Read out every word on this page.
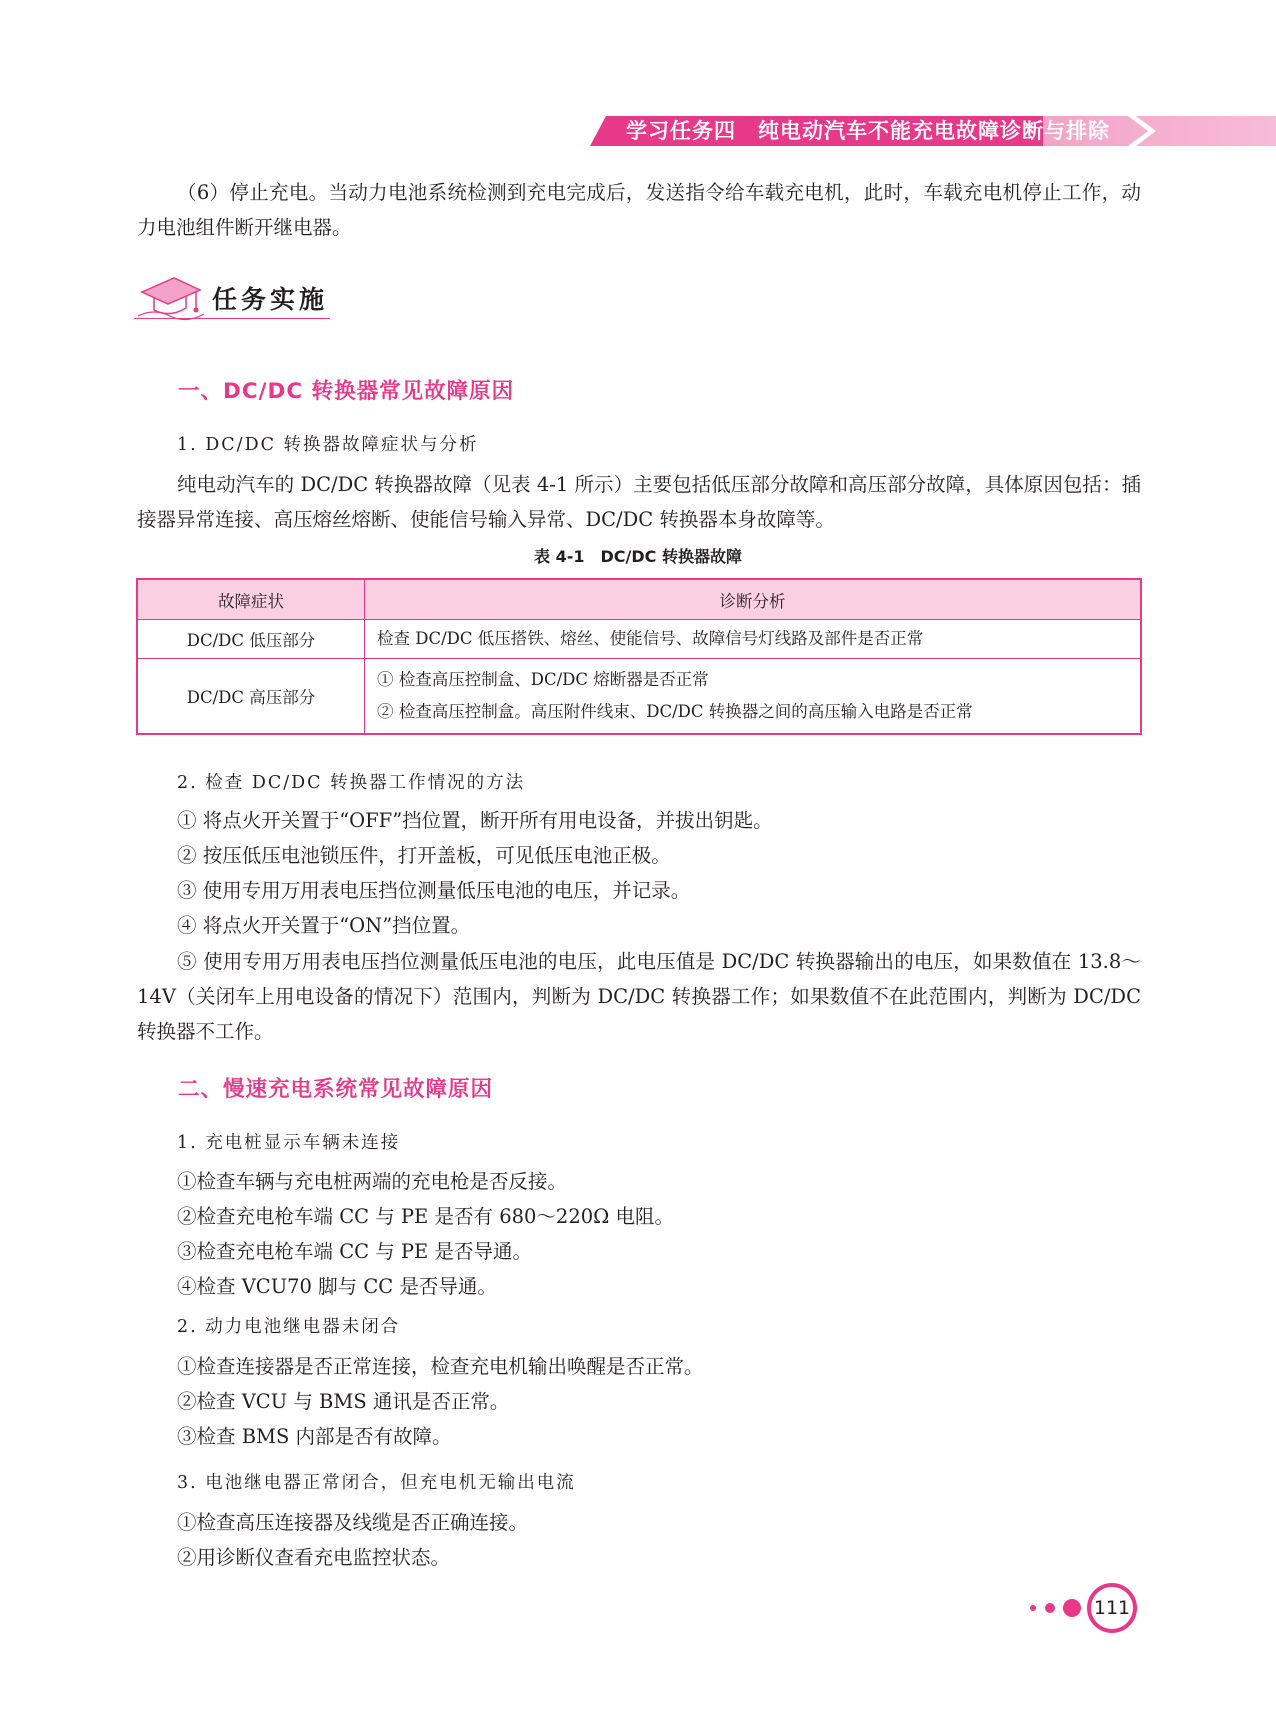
学习任务四　纯电动汽车不能充电故障诊断与排除

（6）停止充电。当动力电池系统检测到充电完成后，发送指令给车载充电机，此时，车载充电机停止工作，动力电池组件断开继电器。

任务实施
一、DC/DC 转换器常见故障原因
1. DC/DC 转换器故障症状与分析

纯电动汽车的 DC/DC 转换器故障（见表 4-1 所示）主要包括低压部分故障和高压部分故障，具体原因包括：插接器异常连接、高压熔丝熔断、使能信号输入异常、DC/DC 转换器本身故障等。

表 4-1　DC/DC 转换器故障
故障症状	诊断分析
DC/DC 低压部分	检查 DC/DC 低压搭铁、熔丝、使能信号、故障信号灯线路及部件是否正常

DC/DC 高压部分	① 检查高压控制盒、DC/DC 熔断器是否正常
② 检查高压控制盒。高压附件线束、DC/DC 转换器之间的高压输入电路是否正常
2. 检查 DC/DC 转换器工作情况的方法
① 将点火开关置于“OFF”挡位置，断开所有用电设备，并拔出钥匙。
② 按压低压电池锁压件，打开盖板，可见低压电池正极。
③ 使用专用万用表电压挡位测量低压电池的电压，并记录。
④ 将点火开关置于“ON”挡位置。

⑤ 使用专用万用表电压挡位测量低压电池的电压，此电压值是 DC/DC 转换器输出的电压，如果数值在 13.8～14V（关闭车上用电设备的情况下）范围内，判断为 DC/DC 转换器工作；如果数值不在此范围内，判断为 DC/DC 转换器不工作。

二、慢速充电系统常见故障原因
1. 充电桩显示车辆未连接
①检查车辆与充电桩两端的充电枪是否反接。
②检查充电枪车端 CC 与 PE 是否有 680～220Ω 电阻。
③检查充电枪车端 CC 与 PE 是否导通。
④检查 VCU70 脚与 CC 是否导通。
2. 动力电池继电器未闭合
①检查连接器是否正常连接，检查充电机输出唤醒是否正常。
②检查 VCU 与 BMS 通讯是否正常。
③检查 BMS 内部是否有故障。
3. 电池继电器正常闭合，但充电机无输出电流
①检查高压连接器及线缆是否正确连接。
②用诊断仪查看充电监控状态。
111
